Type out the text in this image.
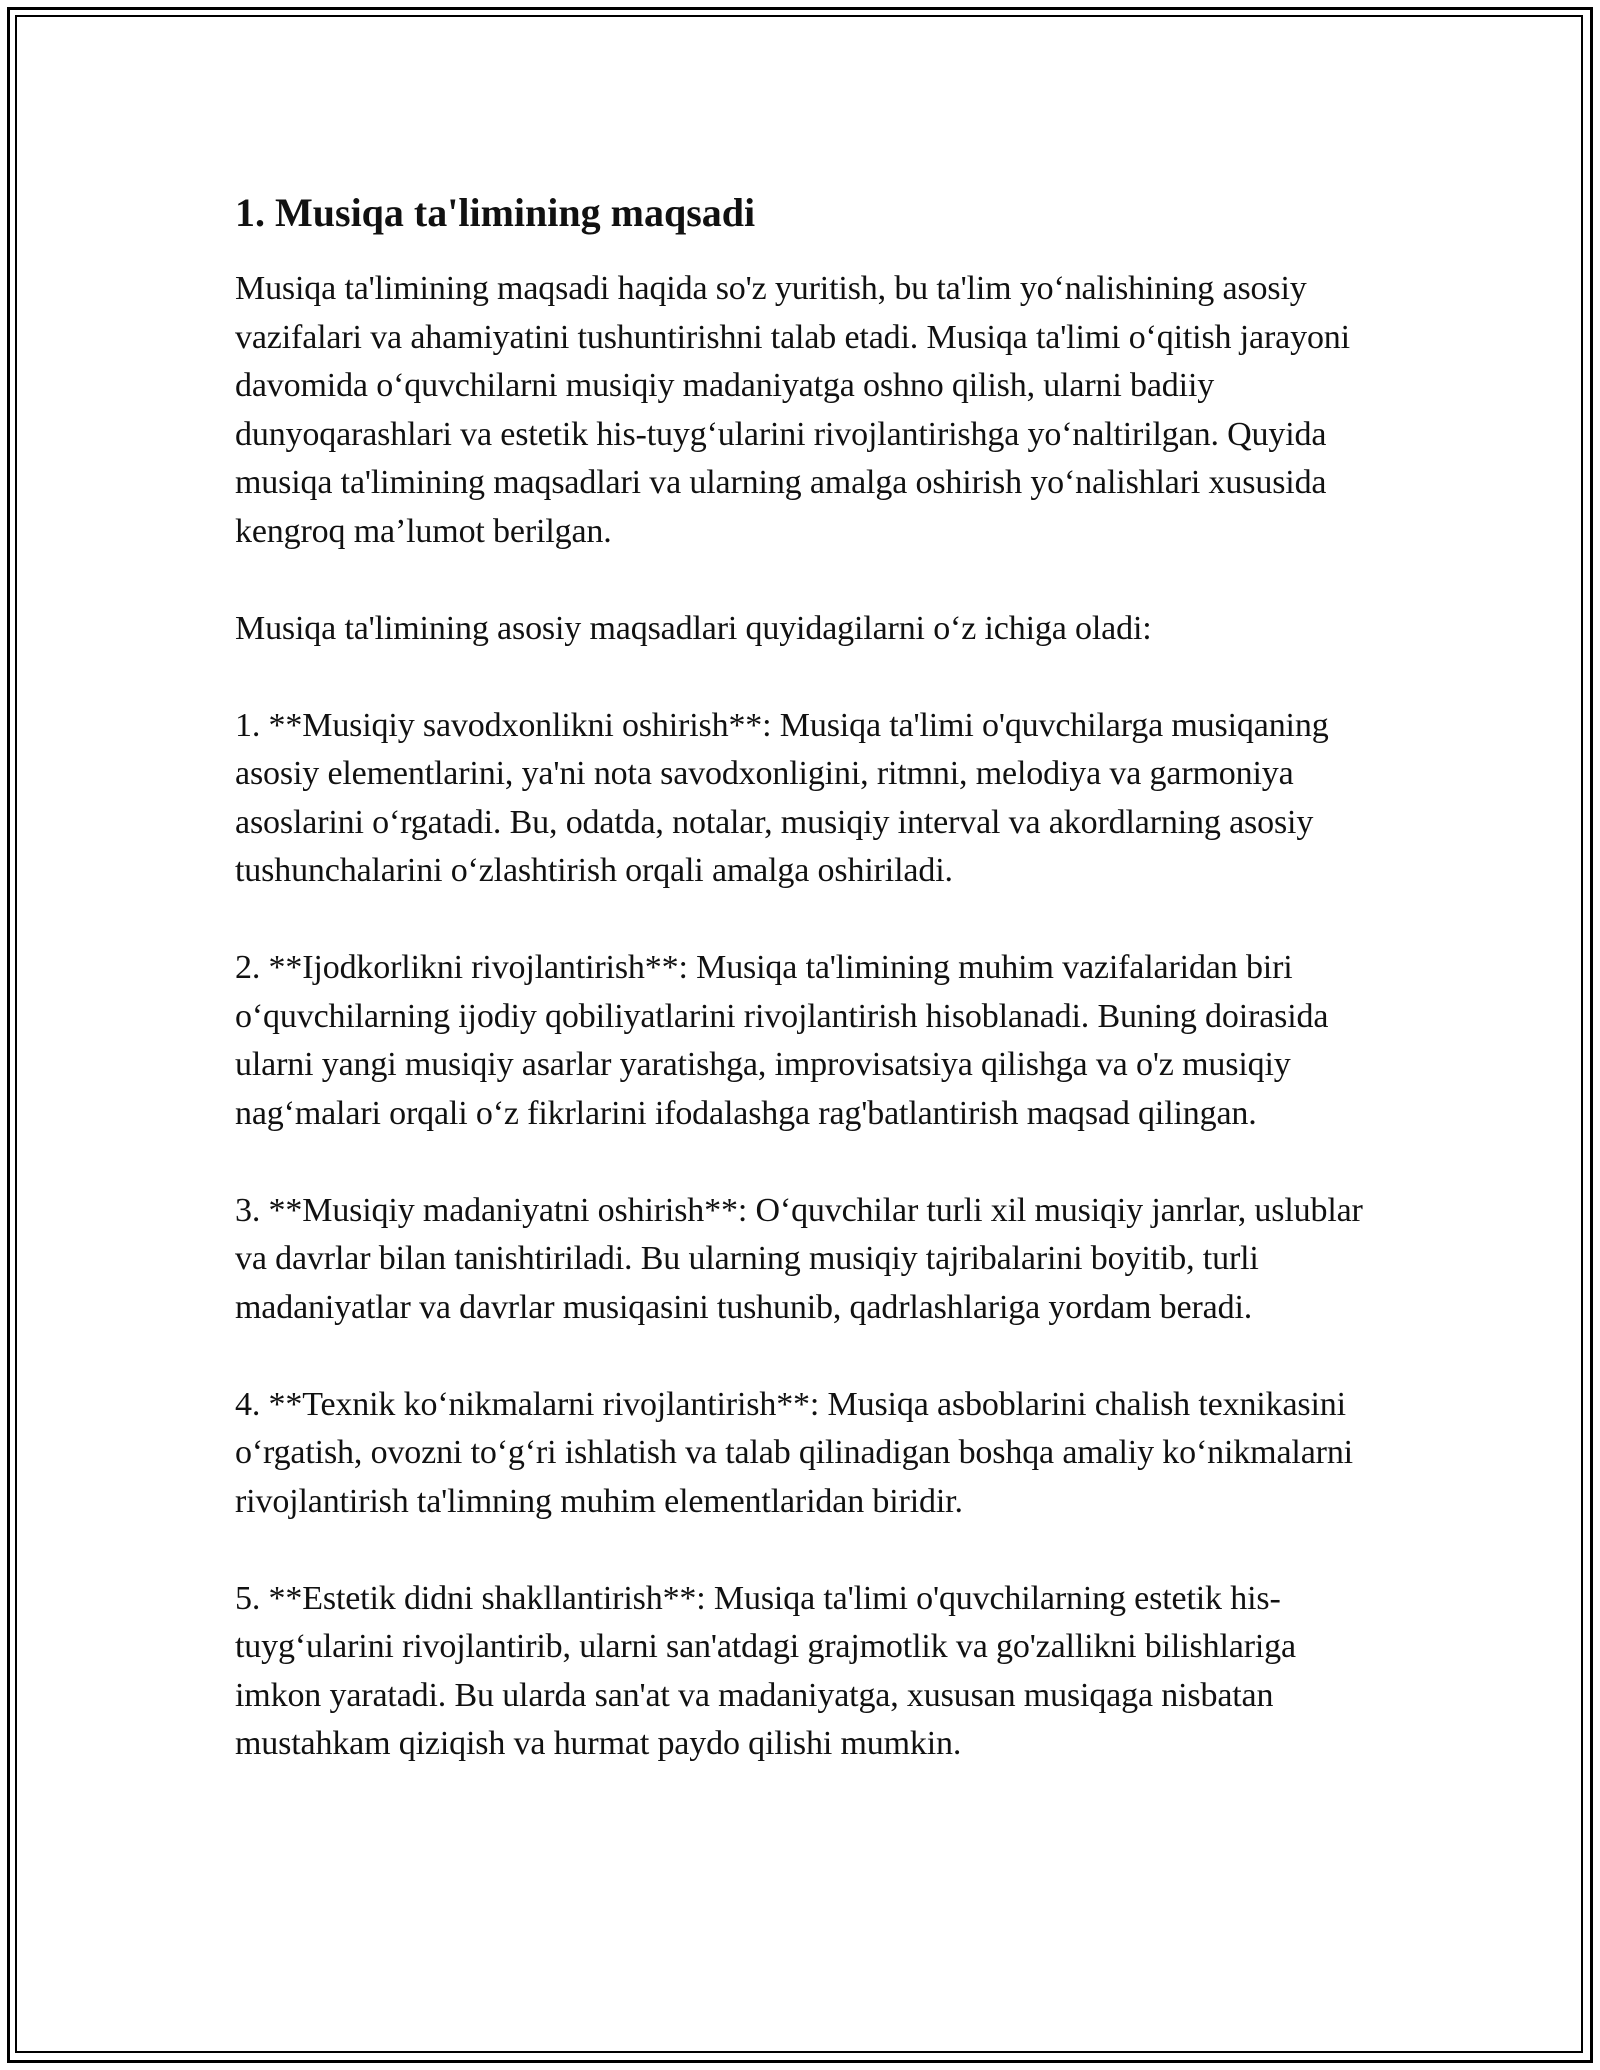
1. Musiqa ta'limining maqsadi

Musiqa ta'limining maqsadi haqida so'z yuritish, bu ta'lim yo‘nalishining asosiy vazifalari va ahamiyatini tushuntirishni talab etadi. Musiqa ta'limi o‘qitish jarayoni davomida o‘quvchilarni musiqiy madaniyatga oshno qilish, ularni badiiy dunyoqarashlari va estetik his-tuyg‘ularini rivojlantirishga yo‘naltirilgan. Quyida musiqa ta'limining maqsadlari va ularning amalga oshirish yo‘nalishlari xususida kengroq ma’lumot berilgan.

Musiqa ta'limining asosiy maqsadlari quyidagilarni o‘z ichiga oladi:

1. **Musiqiy savodxonlikni oshirish**: Musiqa ta'limi o'quvchilarga musiqaning asosiy elementlarini, ya'ni nota savodxonligini, ritmni, melodiya va garmoniya asoslarini o‘rgatadi. Bu, odatda, notalar, musiqiy interval va akordlarning asosiy tushunchalarini o‘zlashtirish orqali amalga oshiriladi.

2. **Ijodkorlikni rivojlantirish**: Musiqa ta'limining muhim vazifalaridan biri o‘quvchilarning ijodiy qobiliyatlarini rivojlantirish hisoblanadi. Buning doirasida ularni yangi musiqiy asarlar yaratishga, improvisatsiya qilishga va o'z musiqiy nag‘malari orqali o‘z fikrlarini ifodalashga rag'batlantirish maqsad qilingan.

3. **Musiqiy madaniyatni oshirish**: O‘quvchilar turli xil musiqiy janrlar, uslublar va davrlar bilan tanishtiriladi. Bu ularning musiqiy tajribalarini boyitib, turli madaniyatlar va davrlar musiqasini tushunib, qadrlashlariga yordam beradi.

4. **Texnik ko‘nikmalarni rivojlantirish**: Musiqa asboblarini chalish texnikasini o‘rgatish, ovozni to‘g‘ri ishlatish va talab qilinadigan boshqa amaliy ko‘nikmalarni rivojlantirish ta'limning muhim elementlaridan biridir.

5. **Estetik didni shakllantirish**: Musiqa ta'limi o'quvchilarning estetik his-tuyg‘ularini rivojlantirib, ularni san'atdagi grajmotlik va go'zallikni bilishlariga imkon yaratadi. Bu ularda san'at va madaniyatga, xususan musiqaga nisbatan mustahkam qiziqish va hurmat paydo qilishi mumkin.
